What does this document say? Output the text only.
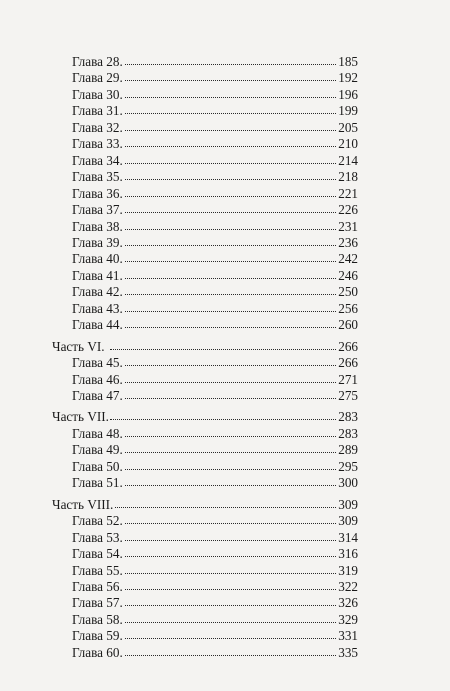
Глава 28.	185
Глава 29.	192
Глава 30.	196
Глава 31.	199
Глава 32.	205
Глава 33.	210
Глава 34.	214
Глава 35.	218
Глава 36.	221
Глава 37.	226
Глава 38.	231
Глава 39.	236
Глава 40.	242
Глава 41.	246
Глава 42.	250
Глава 43.	256
Глава 44.	260
Часть VI.	266
Глава 45.	266
Глава 46.	271
Глава 47.	275
Часть VII.	283
Глава 48.	283
Глава 49.	289
Глава 50.	295
Глава 51.	300
Часть VIII.	309
Глава 52.	309
Глава 53.	314
Глава 54.	316
Глава 55.	319
Глава 56.	322
Глава 57.	326
Глава 58.	329
Глава 59.	331
Глава 60.	335
